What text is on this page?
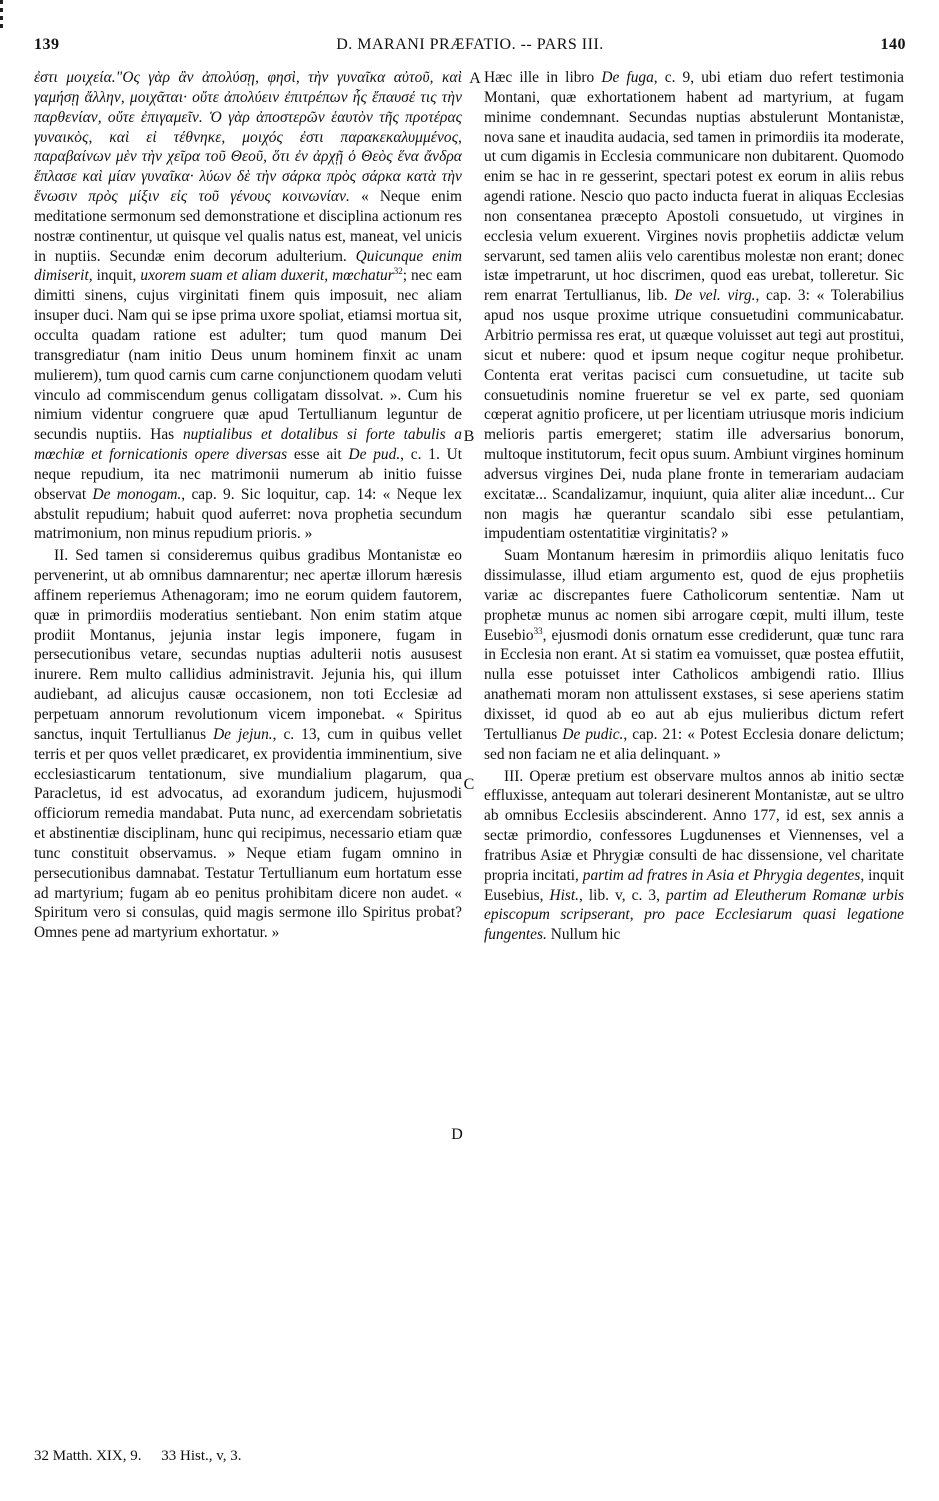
139	D. MARANI PRÆFATIO. -- PARS III.	140

ἐστι μοιχεία."Ος γὰρ ἂν ἀπολύσῃ, φησὶ, τὴν γυναῖκα αὐτοῦ, καὶ γαμήσῃ ἄλλην, μοιχᾶται· οὔτε ἀπολύειν ἐπιτρέπων ἧς ἔπαυσέ τις τὴν παρθενίαν, οὔτε ἐπιγαμεῖν. Ὁ γὰρ ἀποστερῶν ἑαυτὸν τῆς προτέρας γυναικὸς, καὶ εἰ τέθνηκε, μοιχός ἐστι παρακεκαλυμμένος, παραβαίνων μὲν τὴν χεῖρα τοῦ Θεοῦ, ὅτι ἐν ἀρχῇ ὁ Θεὸς ἕνα ἄνδρα ἔπλασε καὶ μίαν γυναῖκα· λύων δὲ τὴν σάρκα πρὸς σάρκα κατὰ τὴν ἕνωσιν πρὸς μίξιν εἰς τοῦ γένους κοινωνίαν. « Neque enim meditatione sermonum sed demonstratione et disciplina actionum res nostræ continentur, ut quisque vel qualis natus est, maneat, vel unicis in nuptiis. Secundæ enim decorum adulterium. Quicunque enim dimiserit, inquit, uxorem suam et aliam duxerit, mœchatur$^{32}$; nec eam dimitti sinens, cujus virginitati finem quis imposuit, nec aliam insuper duci. Nam qui se ipse prima uxore spoliat, etiamsi mortua sit, occulta quadam ratione est adulter; tum quod manum Dei transgrediatur (nam initio Deus unum hominem finxit ac unam mulierem), tum quod carnis cum carne conjunctionem quodam veluti vinculo ad commiscendum genus colligatam dissolvat. ». Cum his nimium videntur congruere quæ apud Tertullianum leguntur de secundis nuptiis. Has nuptialibus et dotalibus si forte tabulis a mœchiæ et fornicationis opere diversas esse ait De pud., c. 1. Ut neque repudium, ita nec matrimonii numerum ab initio fuisse observat De monogam., cap. 9. Sic loquitur, cap. 14: « Neque lex abstulit repudium; habuit quod auferret: nova prophetia secundum matrimonium, non minus repudium prioris. »

II. Sed tamen si consideremus quibus gradibus Montanistæ eo pervenerint, ut ab omnibus damnarentur; nec apertæ illorum hæresis affinem reperiemus Athenagoram; imo ne eorum quidem fautorem, quæ in primordiis moderatius sentiebant. Non enim statim atque prodiit Montanus, jejunia instar legis imponere, fugam in persecutionibus vetare, secundas nuptias adulterii notis aususest inurere. Rem multo callidius administravit. Jejunia his, qui illum audiebant, ad alicujus causæ occasionem, non toti Ecclesiæ ad perpetuam annorum revolutionum vicem imponebat. « Spiritus sanctus, inquit Tertullianus De jejun., c. 13, cum in quibus vellet terris et per quos vellet prædicaret, ex providentia imminentium, sive ecclesiasticarum tentationum, sive mundialium plagarum, qua Paracletus, id est advocatus, ad exorandum judicem, hujusmodi officiorum remedia mandabat. Puta nunc, ad exercendam sobrietatis et abstinentiæ disciplinam, hunc qui recipimus, necessario etiam quæ tunc constituit observamus. » Neque etiam fugam omnino in persecutionibus damnabat. Testatur Tertullianum eum hortatum esse ad martyrium; fugam ab eo penitus prohibitam dicere non audet. « Spiritum vero si consulas, quid magis sermone illo Spiritus probat? Omnes pene ad martyrium exhortatur. »

A
B
C
D

Hæc ille in libro De fuga, c. 9, ubi etiam duo refert testimonia Montani, quæ exhortationem habent ad martyrium, at fugam minime condemnant. Secundas nuptias abstulerunt Montanistæ, nova sane et inaudita audacia, sed tamen in primordiis ita moderate, ut cum digamis in Ecclesia communicare non dubitarent. Quomodo enim se hac in re gesserint, spectari potest ex eorum in aliis rebus agendi ratione. Nescio quo pacto inducta fuerat in aliquas Ecclesias non consentanea præcepto Apostoli consuetudo, ut virgines in ecclesia velum exuerent. Virgines novis prophetiis addictæ velum servarunt, sed tamen aliis velo carentibus molestæ non erant; donec istæ impetrarunt, ut hoc discrimen, quod eas urebat, tolleretur. Sic rem enarrat Tertullianus, lib. De vel. virg., cap. 3: « Tolerabilius apud nos usque proxime utrique consuetudini communicabatur. Arbitrio permissa res erat, ut quæque voluisset aut tegi aut prostitui, sicut et nubere: quod et ipsum neque cogitur neque prohibetur. Contenta erat veritas pacisci cum consuetudine, ut tacite sub consuetudinis nomine frueretur se vel ex parte, sed quoniam cœperat agnitio proficere, ut per licentiam utriusque moris indicium melioris partis emergeret; statim ille adversarius bonorum, multoque institutorum, fecit opus suum. Ambiunt virgines hominum adversus virgines Dei, nuda plane fronte in temerariam audaciam excitatæ... Scandalizamur, inquiunt, quia aliter aliæ incedunt... Cur non magis hæ querantur scandalo sibi esse petulantiam, impudentiam ostentatitiæ virginitatis? »

Suam Montanum hæresim in primordiis aliquo lenitatis fuco dissimulasse, illud etiam argumento est, quod de ejus prophetiis variæ ac discrepantes fuere Catholicorum sententiæ. Nam ut prophetæ munus ac nomen sibi arrogare cœpit, multi illum, teste Eusebio$^{33}$, ejusmodi donis ornatum esse crediderunt, quæ tunc rara in Ecclesia non erant. At si statim ea vomuisset, quæ postea effutiit, nulla esse potuisset inter Catholicos ambigendi ratio. Illius anathemati moram non attulissent exstases, si sese aperiens statim dixisset, id quod ab eo aut ab ejus mulieribus dictum refert Tertullianus De pudic., cap. 21: « Potest Ecclesia donare delictum; sed non faciam ne et alia delinquant. »

III. Operæ pretium est observare multos annos ab initio sectæ effluxisse, antequam aut tolerari desinerent Montanistæ, aut se ultro ab omnibus Ecclesiis abscinderent. Anno 177, id est, sex annis a sectæ primordio, confessores Lugdunenses et Viennenses, vel a fratribus Asiæ et Phrygiæ consulti de hac dissensione, vel charitate propria incitati, partim ad fratres in Asia et Phrygia degentes, inquit Eusebius, Hist., lib. v, c. 3, partim ad Eleutherum Romanæ urbis episcopum scripserant, pro pace Ecclesiarum quasi legatione fungentes. Nullum hic

32 Matth. XIX, 9. 33 Hist., v, 3.
